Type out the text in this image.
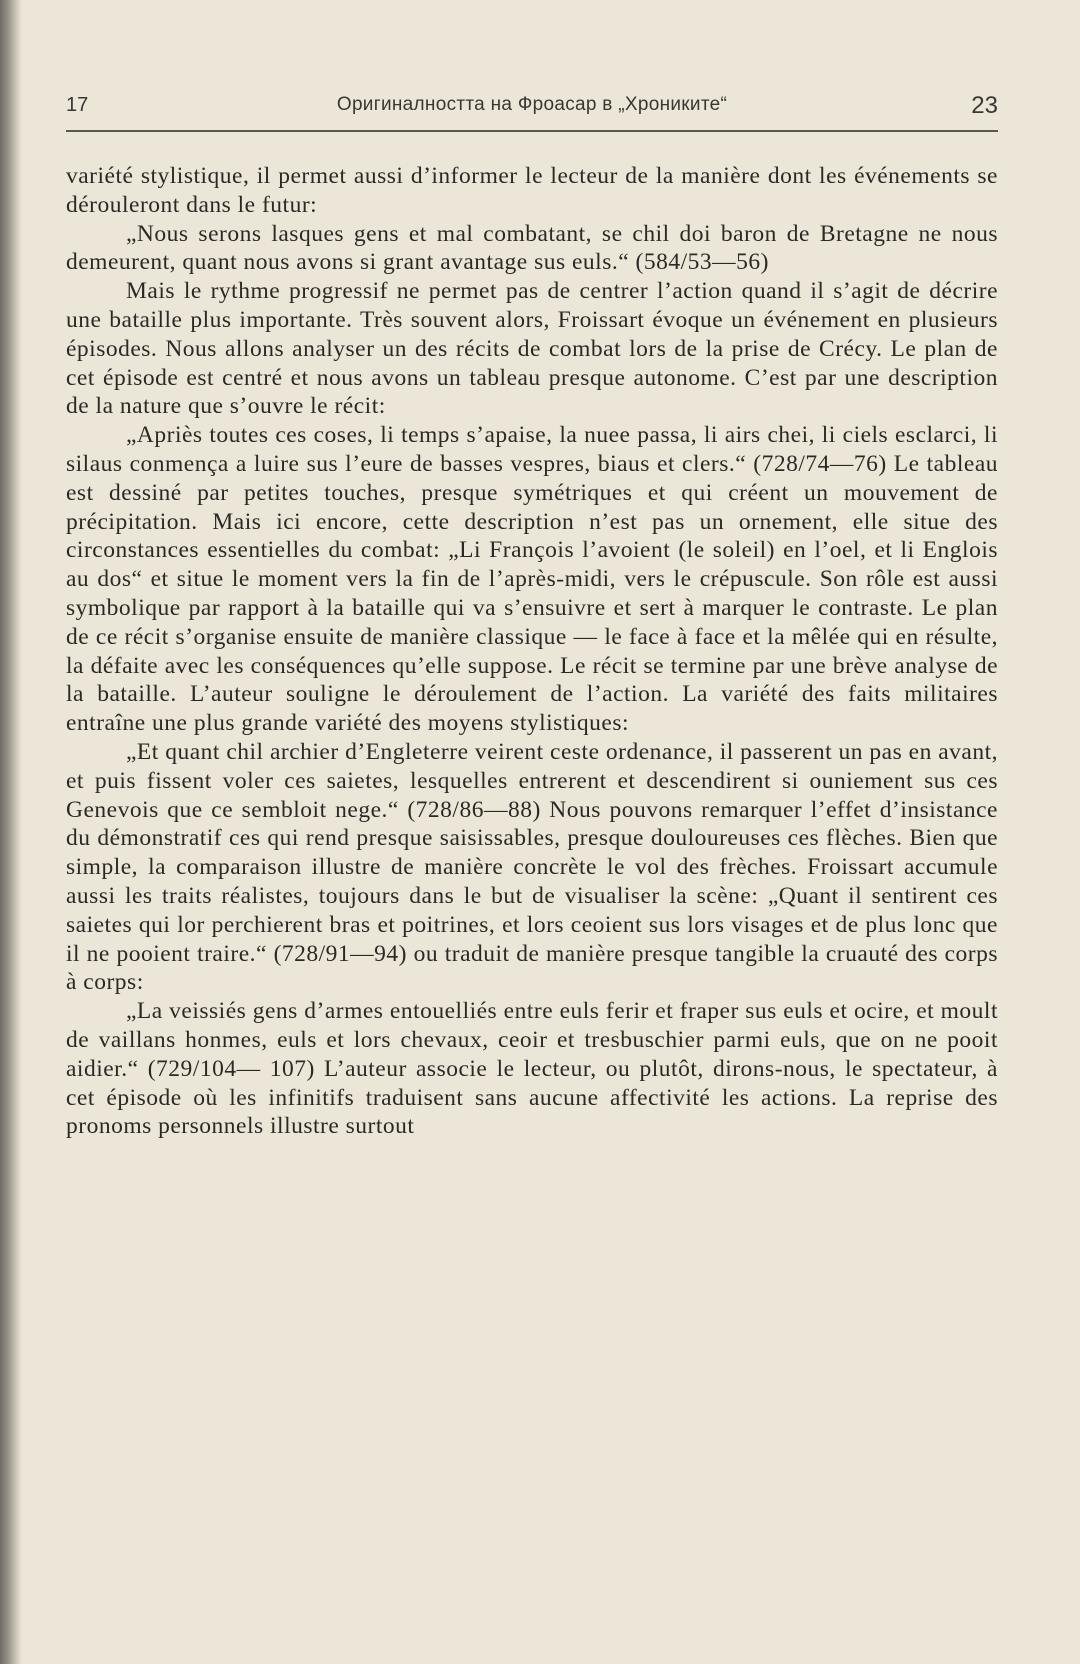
17	Оригиналността на Фроасар в „Хрониките“	23

variété stylistique, il permet aussi d’informer le lecteur de la manière dont les événements se dérouleront dans le futur:

„Nous serons lasques gens et mal combatant, se chil doi baron de Bretagne ne nous demeurent, quant nous avons si grant avantage sus euls.“ (584/53—56)

Mais le rythme progressif ne permet pas de centrer l’action quand il s’agit de décrire une bataille plus importante. Très souvent alors, Froissart évoque un événement en plusieurs épisodes. Nous allons analyser un des récits de combat lors de la prise de Crécy. Le plan de cet épisode est centré et nous avons un tableau presque autonome. C’est par une description de la nature que s’ouvre le récit:

„Apriès toutes ces coses, li temps s’apaise, la nuee passa, li airs chei, li ciels esclarci, li silaus conmença a luire sus l’eure de basses vespres, biaus et clers.“ (728/74—76) Le tableau est dessiné par petites touches, presque symétriques et qui créent un mouvement de précipitation. Mais ici encore, cette description n’est pas un ornement, elle situe des circonstances essentielles du combat: „Li François l’avoient (le soleil) en l’oel, et li Englois au dos“ et situe le moment vers la fin de l’après-midi, vers le crépuscule. Son rôle est aussi symbolique par rapport à la bataille qui va s’ensuivre et sert à marquer le contraste. Le plan de ce récit s’organise ensuite de manière classique — le face à face et la mêlée qui en résulte, la défaite avec les conséquences qu’elle suppose. Le récit se termine par une brève analyse de la bataille. L’auteur souligne le déroulement de l’action. La variété des faits militaires entraîne une plus grande variété des moyens stylistiques:

„Et quant chil archier d’Engleterre veirent ceste ordenance, il passerent un pas en avant, et puis fissent voler ces saietes, lesquelles entrerent et descendirent si ouniement sus ces Genevois que ce sembloit nege.“ (728/86—88) Nous pouvons remarquer l’effet d’insistance du démonstratif ces qui rend presque saisissables, presque douloureuses ces flèches. Bien que simple, la comparaison illustre de manière concrète le vol des frèches. Froissart accumule aussi les traits réalistes, toujours dans le but de visualiser la scène: „Quant il sentirent ces saietes qui lor perchierent bras et poitrines, et lors ceoient sus lors visages et de plus lonc que il ne pooient traire.“ (728/91—94) ou traduit de manière presque tangible la cruauté des corps à corps:

„La veissiés gens d’armes entouelliés entre euls ferir et fraper sus euls et ocire, et moult de vaillans honmes, euls et lors chevaux, ceoir et tresbuschier parmi euls, que on ne pooit aidier.“ (729/104— 107) L’auteur associe le lecteur, ou plutôt, dirons-nous, le spectateur, à cet épisode où les infinitifs traduisent sans aucune affectivité les actions. La reprise des pronoms personnels illustre surtout
